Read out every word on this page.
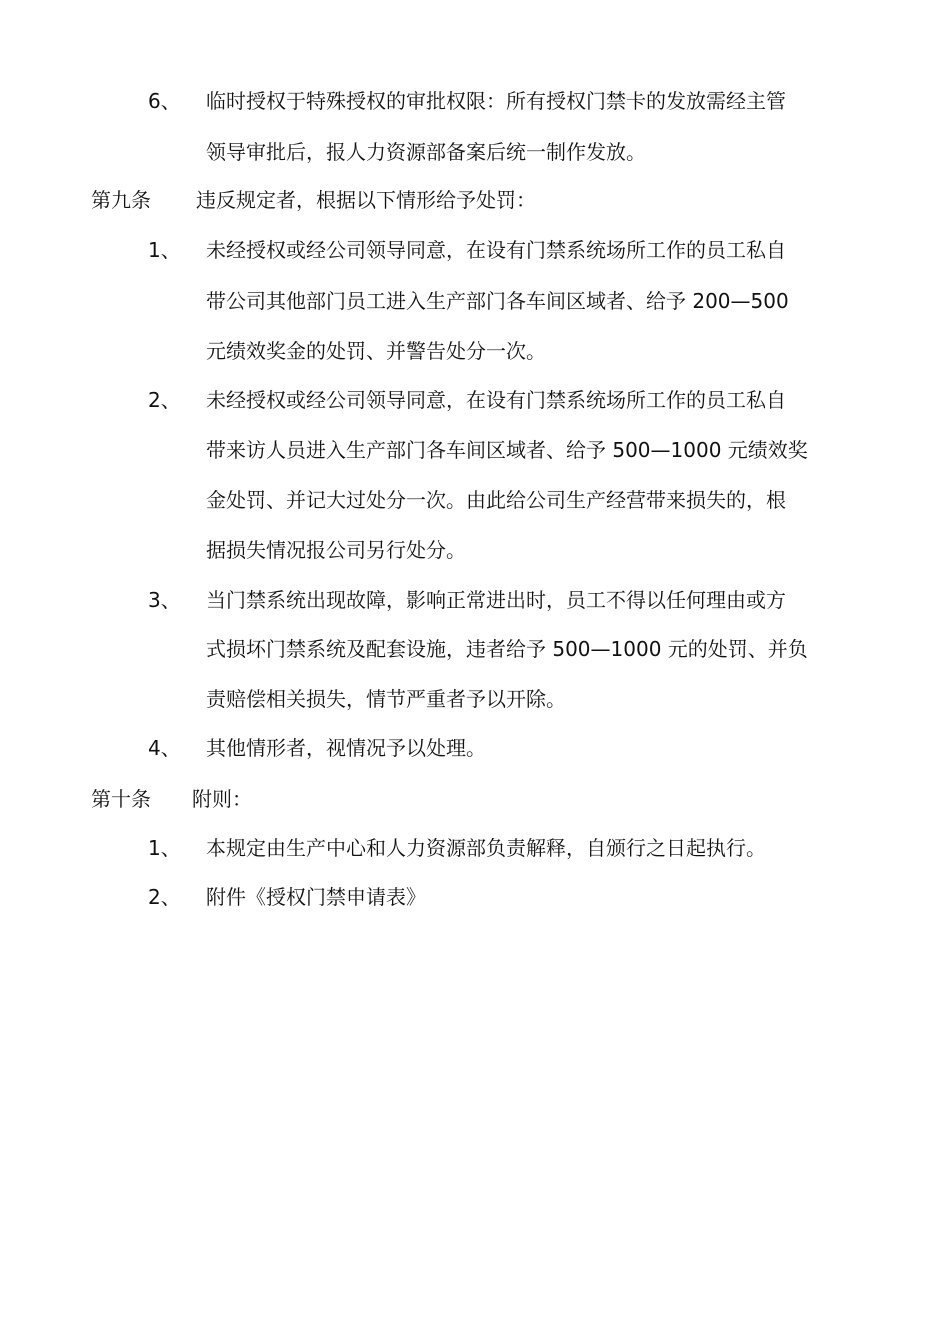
6、 临时授权于特殊授权的审批权限：所有授权门禁卡的发放需经主管
领导审批后，报人力资源部备案后统一制作发放。
第九条 违反规定者，根据以下情形给予处罚：
1、 未经授权或经公司领导同意，在设有门禁系统场所工作的员工私自
带公司其他部门员工进入生产部门各车间区域者、给予 200—500
元绩效奖金的处罚、并警告处分一次。
2、 未经授权或经公司领导同意，在设有门禁系统场所工作的员工私自
带来访人员进入生产部门各车间区域者、给予 500—1000 元绩效奖
金处罚、并记大过处分一次。由此给公司生产经营带来损失的，根
据损失情况报公司另行处分。
3、 当门禁系统出现故障，影响正常进出时，员工不得以任何理由或方
式损坏门禁系统及配套设施，违者给予 500—1000 元的处罚、并负
责赔偿相关损失，情节严重者予以开除。
4、 其他情形者，视情况予以处理。
第十条 附则：
1、 本规定由生产中心和人力资源部负责解释，自颁行之日起执行。
2、 附件《授权门禁申请表》
